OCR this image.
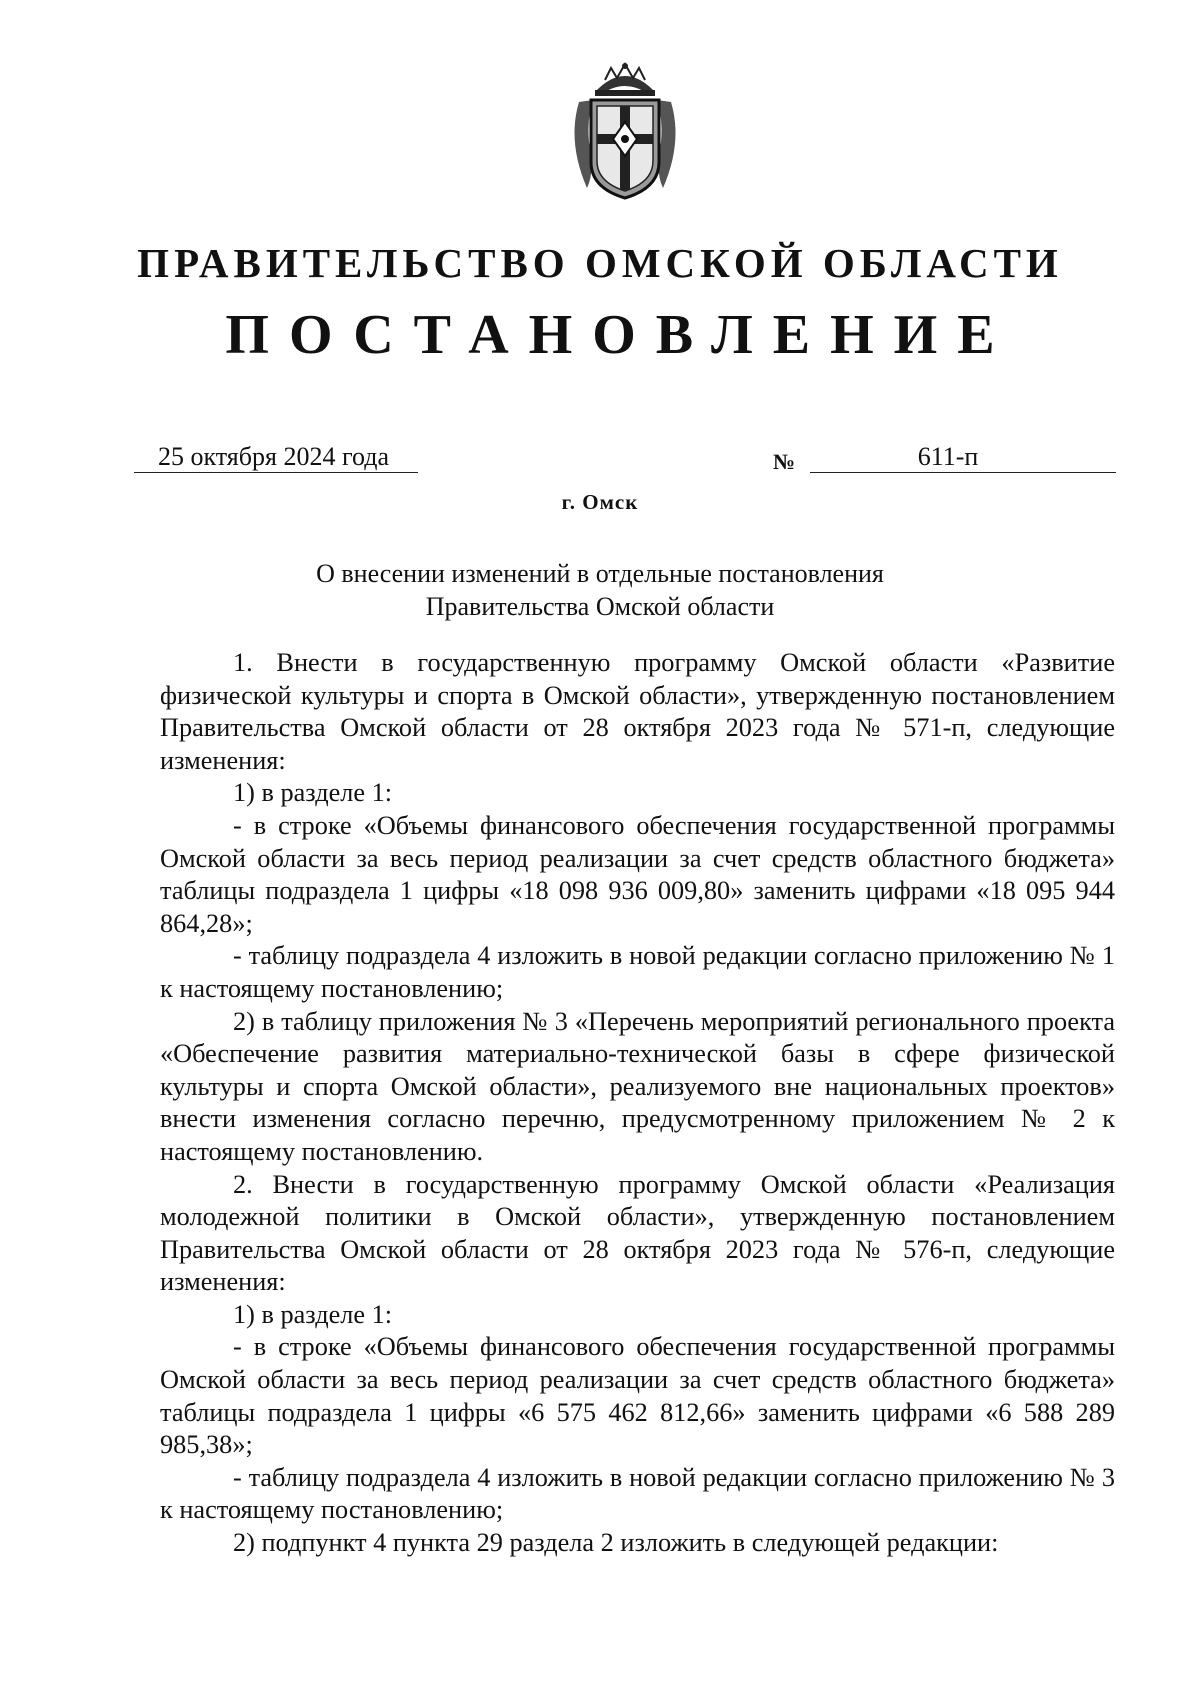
ПРАВИТЕЛЬСТВО ОМСКОЙ ОБЛАСТИ
ПОСТАНОВЛЕНИЕ
25 октября 2024 года	№	611-п
г. Омск
О внесении изменений в отдельные постановления
Правительства Омской области

1. Внести в государственную программу Омской области «Развитие физической культуры и спорта в Омской области», утвержденную постановлением Правительства Омской области от 28 октября 2023 года № 571-п, следующие изменения:

1) в разделе 1:

- в строке «Объемы финансового обеспечения государственной программы Омской области за весь период реализации за счет средств областного бюджета» таблицы подраздела 1 цифры «18 098 936 009,80» заменить цифрами «18 095 944 864,28»;

- таблицу подраздела 4 изложить в новой редакции согласно приложению № 1 к настоящему постановлению;

2) в таблицу приложения № 3 «Перечень мероприятий регионального проекта «Обеспечение развития материально-технической базы в сфере физической культуры и спорта Омской области», реализуемого вне национальных проектов» внести изменения согласно перечню, предусмотренному приложением № 2 к настоящему постановлению.

2. Внести в государственную программу Омской области «Реализация молодежной политики в Омской области», утвержденную постановлением Правительства Омской области от 28 октября 2023 года № 576-п, следующие изменения:

1) в разделе 1:

- в строке «Объемы финансового обеспечения государственной программы Омской области за весь период реализации за счет средств областного бюджета» таблицы подраздела 1 цифры «6 575 462 812,66» заменить цифрами «6 588 289 985,38»;

- таблицу подраздела 4 изложить в новой редакции согласно приложению № 3 к настоящему постановлению;

2) подпункт 4 пункта 29 раздела 2 изложить в следующей редакции:
